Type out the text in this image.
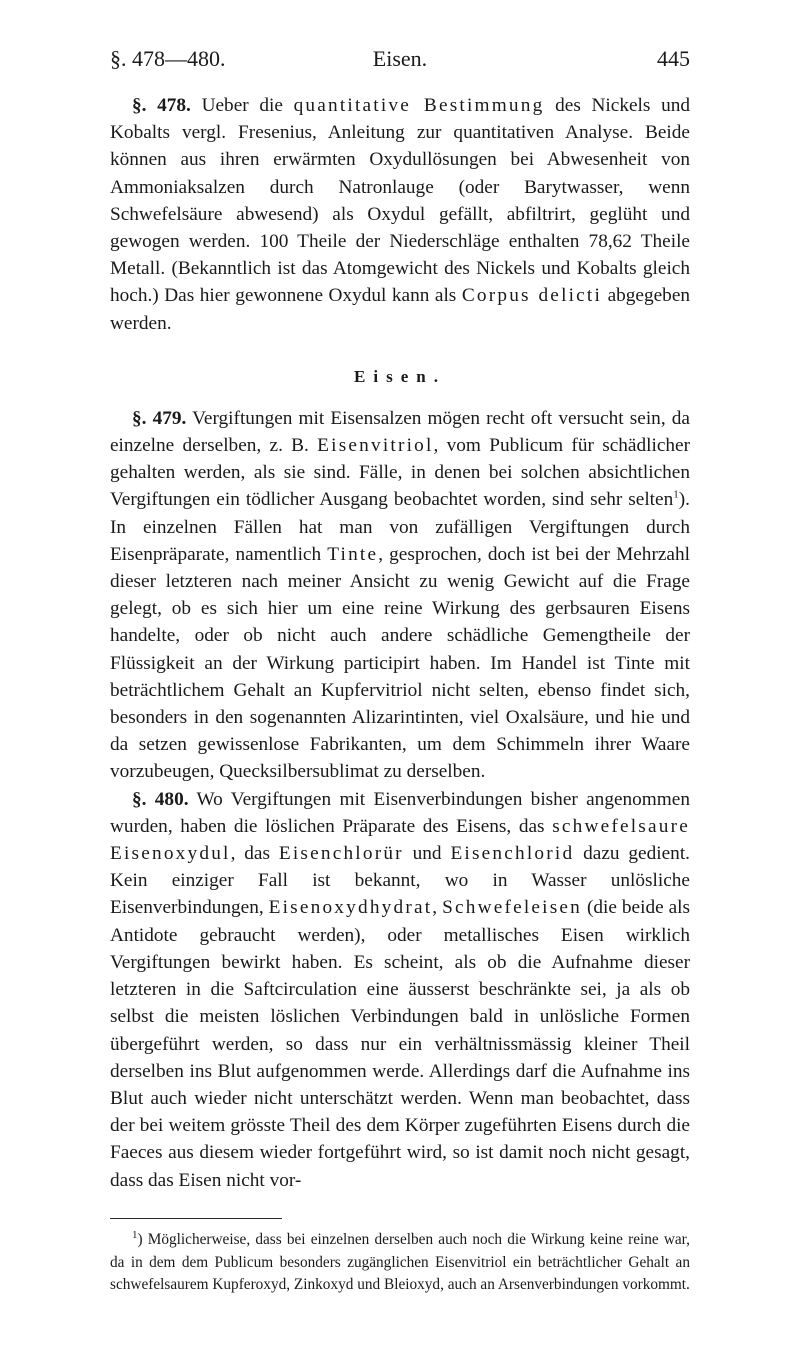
§. 478—480.	Eisen.	445

§. 478. Ueber die quantitative Bestimmung des Nickels und Kobalts vergl. Fresenius, Anleitung zur quantitativen Analyse. Beide können aus ihren erwärmten Oxydullösungen bei Abwesenheit von Ammoniaksalzen durch Natronlauge (oder Barytwasser, wenn Schwefelsäure abwesend) als Oxydul gefällt, abfiltrirt, geglüht und gewogen werden. 100 Theile der Niederschläge enthalten 78,62 Theile Metall. (Bekanntlich ist das Atomgewicht des Nickels und Kobalts gleich hoch.) Das hier gewonnene Oxydul kann als Corpus delicti abgegeben werden.

Eisen.

§. 479. Vergiftungen mit Eisensalzen mögen recht oft versucht sein, da einzelne derselben, z. B. Eisenvitriol, vom Publicum für schädlicher gehalten werden, als sie sind. Fälle, in denen bei solchen absichtlichen Vergiftungen ein tödlicher Ausgang beobachtet worden, sind sehr selten$^1$). In einzelnen Fällen hat man von zufälligen Vergiftungen durch Eisenpräparate, namentlich Tinte, gesprochen, doch ist bei der Mehrzahl dieser letzteren nach meiner Ansicht zu wenig Gewicht auf die Frage gelegt, ob es sich hier um eine reine Wirkung des gerbsauren Eisens handelte, oder ob nicht auch andere schädliche Gemengtheile der Flüssigkeit an der Wirkung participirt haben. Im Handel ist Tinte mit beträchtlichem Gehalt an Kupfervitriol nicht selten, ebenso findet sich, besonders in den sogenannten Alizarintinten, viel Oxalsäure, und hie und da setzen gewissenlose Fabrikanten, um dem Schimmeln ihrer Waare vorzubeugen, Quecksilbersublimat zu derselben.

§. 480. Wo Vergiftungen mit Eisenverbindungen bisher angenommen wurden, haben die löslichen Präparate des Eisens, das schwefelsaure Eisenoxydul, das Eisenchlorür und Eisenchlorid dazu gedient. Kein einziger Fall ist bekannt, wo in Wasser unlösliche Eisenverbindungen, Eisenoxydhydrat, Schwefeleisen (die beide als Antidote gebraucht werden), oder metallisches Eisen wirklich Vergiftungen bewirkt haben. Es scheint, als ob die Aufnahme dieser letzteren in die Saftcirculation eine äusserst beschränkte sei, ja als ob selbst die meisten löslichen Verbindungen bald in unlösliche Formen übergeführt werden, so dass nur ein verhältnissmässig kleiner Theil derselben ins Blut aufgenommen werde. Allerdings darf die Aufnahme ins Blut auch wieder nicht unterschätzt werden. Wenn man beobachtet, dass der bei weitem grösste Theil des dem Körper zugeführten Eisens durch die Faeces aus diesem wieder fortgeführt wird, so ist damit noch nicht gesagt, dass das Eisen nicht vor-

$^1$) Möglicherweise, dass bei einzelnen derselben auch noch die Wirkung keine reine war, da in dem dem Publicum besonders zugänglichen Eisenvitriol ein beträchtlicher Gehalt an schwefelsaurem Kupferoxyd, Zinkoxyd und Bleioxyd, auch an Arsenverbindungen vorkommt.
